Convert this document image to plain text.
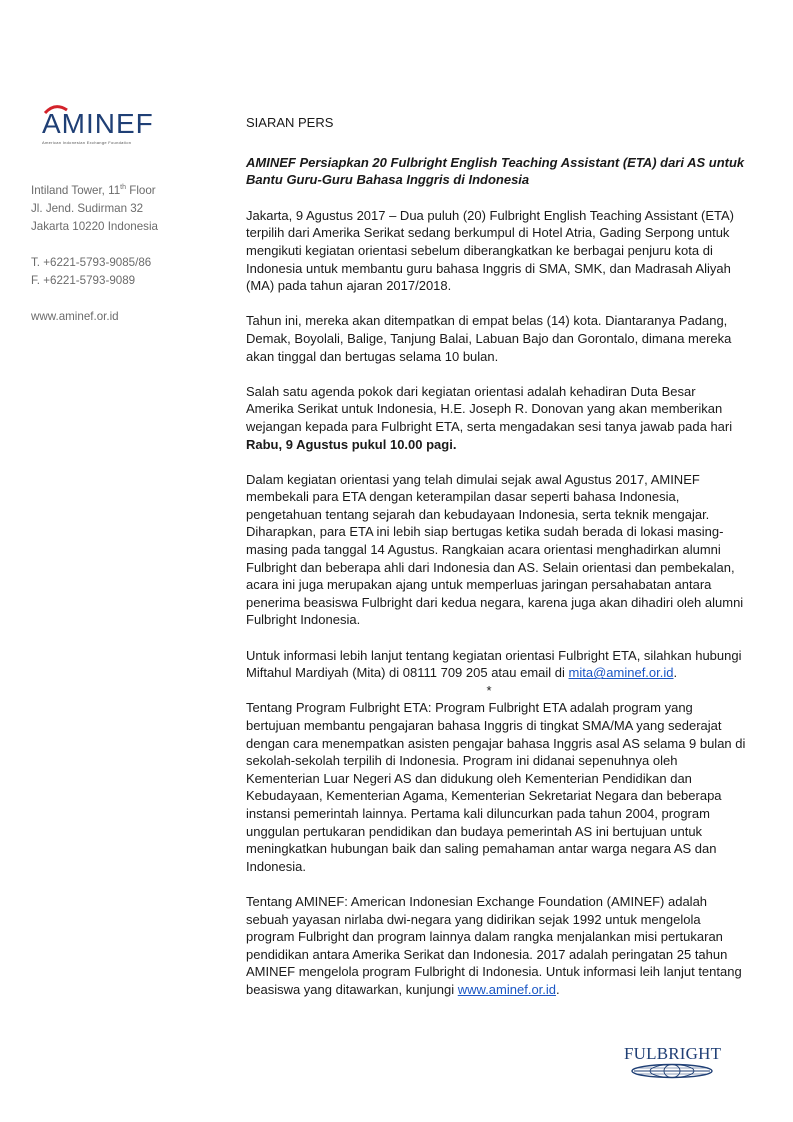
AMINEF
American Indonesian Exchange Foundation
Intiland Tower, 11th Floor
Jl. Jend. Sudirman 32
Jakarta 10220 Indonesia
T. +6221-5793-9085/86
F. +6221-5793-9089
www.aminef.or.id
SIARAN PERS
AMINEF Persiapkan 20 Fulbright English Teaching Assistant (ETA) dari AS untuk Bantu Guru-Guru Bahasa Inggris di Indonesia
Jakarta, 9 Agustus 2017 – Dua puluh (20) Fulbright English Teaching Assistant (ETA) terpilih dari Amerika Serikat sedang berkumpul di Hotel Atria, Gading Serpong untuk mengikuti kegiatan orientasi sebelum diberangkatkan ke berbagai penjuru kota di Indonesia untuk membantu guru bahasa Inggris di SMA, SMK, dan Madrasah Aliyah (MA) pada tahun ajaran 2017/2018.
Tahun ini, mereka akan ditempatkan di empat belas (14) kota. Diantaranya Padang, Demak, Boyolali, Balige, Tanjung Balai, Labuan Bajo dan Gorontalo, dimana mereka akan tinggal dan bertugas selama 10 bulan.
Salah satu agenda pokok dari kegiatan orientasi adalah kehadiran Duta Besar Amerika Serikat untuk Indonesia, H.E. Joseph R. Donovan yang akan memberikan wejangan kepada para Fulbright ETA, serta mengadakan sesi tanya jawab pada hari Rabu, 9 Agustus pukul 10.00 pagi.
Dalam kegiatan orientasi yang telah dimulai sejak awal Agustus 2017, AMINEF membekali para ETA dengan keterampilan dasar seperti bahasa Indonesia, pengetahuan tentang sejarah dan kebudayaan Indonesia, serta teknik mengajar. Diharapkan, para ETA ini lebih siap bertugas ketika sudah berada di lokasi masing-masing pada tanggal 14 Agustus. Rangkaian acara orientasi menghadirkan alumni Fulbright dan beberapa ahli dari Indonesia dan AS. Selain orientasi dan pembekalan, acara ini juga merupakan ajang untuk memperluas jaringan persahabatan antara penerima beasiswa Fulbright dari kedua negara, karena juga akan dihadiri oleh alumni Fulbright Indonesia.
Untuk informasi lebih lanjut tentang kegiatan orientasi Fulbright ETA, silahkan hubungi Miftahul Mardiyah (Mita) di 08111 709 205 atau email di mita@aminef.or.id.
*
Tentang Program Fulbright ETA: Program Fulbright ETA adalah program yang bertujuan membantu pengajaran bahasa Inggris di tingkat SMA/MA yang sederajat dengan cara menempatkan asisten pengajar bahasa Inggris asal AS selama 9 bulan di sekolah-sekolah terpilih di Indonesia. Program ini didanai sepenuhnya oleh Kementerian Luar Negeri AS dan didukung oleh Kementerian Pendidikan dan Kebudayaan, Kementerian Agama, Kementerian Sekretariat Negara dan beberapa instansi pemerintah lainnya. Pertama kali diluncurkan pada tahun 2004, program unggulan pertukaran pendidikan dan budaya pemerintah AS ini bertujuan untuk meningkatkan hubungan baik dan saling pemahaman antar warga negara AS dan Indonesia.
Tentang AMINEF: American Indonesian Exchange Foundation (AMINEF) adalah sebuah yayasan nirlaba dwi-negara yang didirikan sejak 1992 untuk mengelola program Fulbright dan program lainnya dalam rangka menjalankan misi pertukaran pendidikan antara Amerika Serikat dan Indonesia. 2017 adalah peringatan 25 tahun AMINEF mengelola program Fulbright di Indonesia. Untuk informasi leih lanjut tentang beasiswa yang ditawarkan, kunjungi www.aminef.or.id.
FULBRIGHT
